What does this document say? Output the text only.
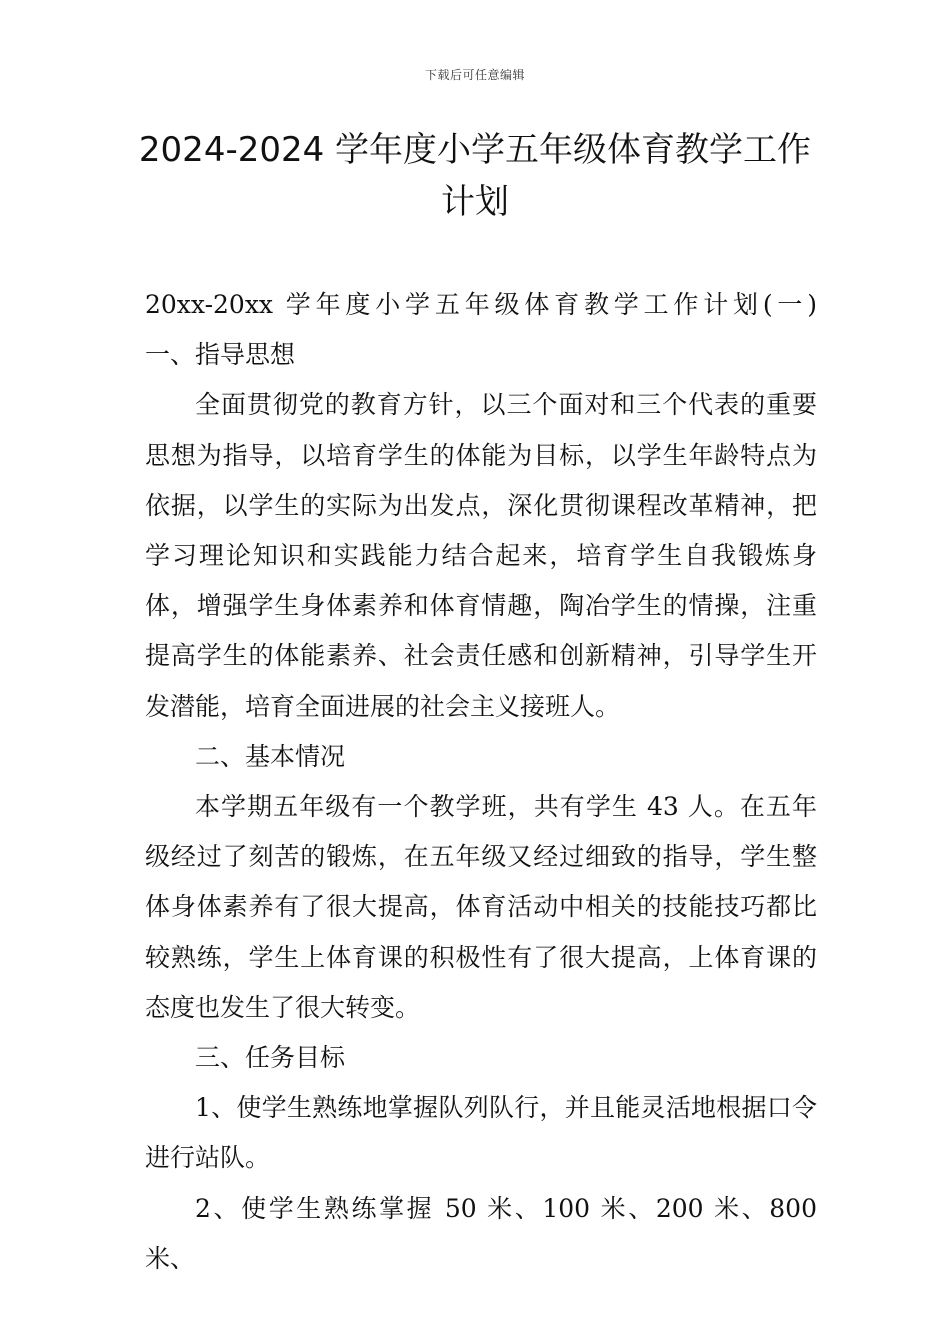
下载后可任意编辑
2024-2024 学年度小学五年级体育教学工作
计划

20xx-20xx 学年度小学五年级体育教学工作计划(一)　　一、指导思想

全面贯彻党的教育方针，以三个面对和三个代表的重要思想为指导，以培育学生的体能为目标，以学生年龄特点为依据，以学生的实际为出发点，深化贯彻课程改革精神，把学习理论知识和实践能力结合起来，培育学生自我锻炼身体，增强学生身体素养和体育情趣，陶冶学生的情操，注重提高学生的体能素养、社会责任感和创新精神，引导学生开发潜能，培育全面进展的社会主义接班人。

二、基本情况

本学期五年级有一个教学班，共有学生 43 人。在五年级经过了刻苦的锻炼，在五年级又经过细致的指导，学生整体身体素养有了很大提高，体育活动中相关的技能技巧都比较熟练，学生上体育课的积极性有了很大提高，上体育课的态度也发生了很大转变。

三、任务目标

1、使学生熟练地掌握队列队行，并且能灵活地根据口令进行站队。

2、使学生熟练掌握 50 米、100 米、200 米、800 米、
